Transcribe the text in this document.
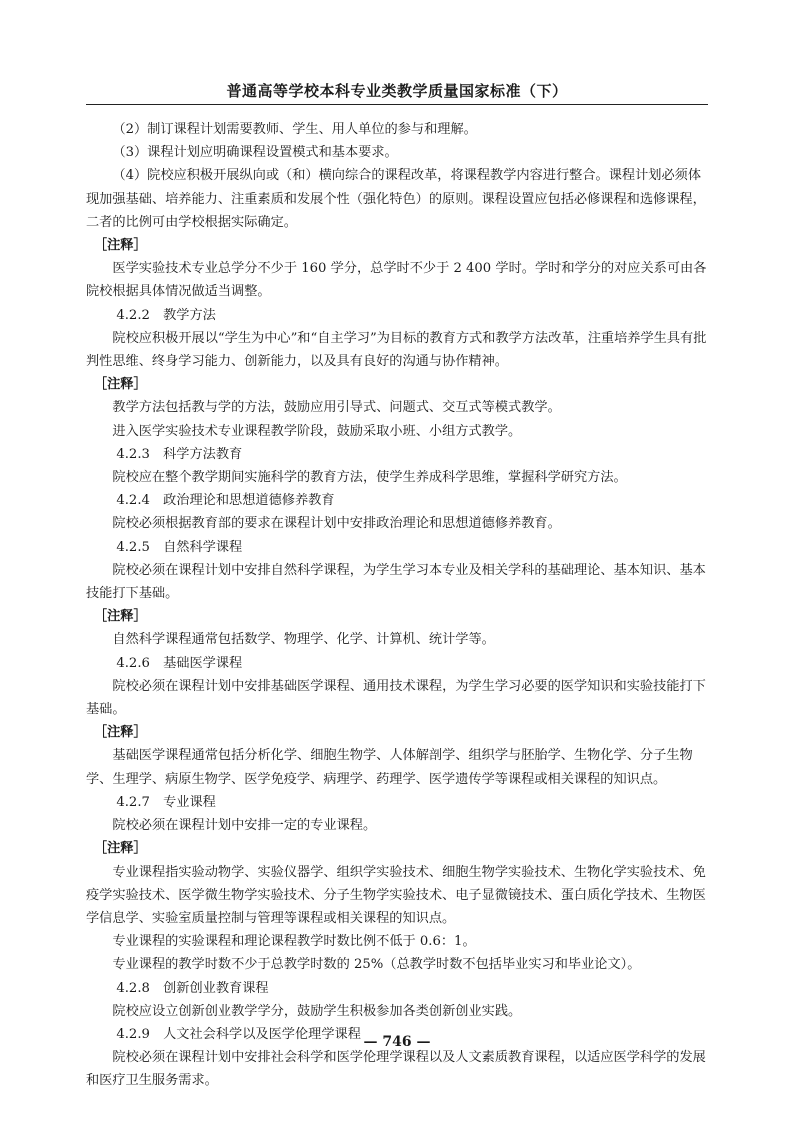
普通高等学校本科专业类教学质量国家标准（下）

（2）制订课程计划需要教师、学生、用人单位的参与和理解。

（3）课程计划应明确课程设置模式和基本要求。

（4）院校应积极开展纵向或（和）横向综合的课程改革，将课程教学内容进行整合。课程计划必须体现加强基础、培养能力、注重素质和发展个性（强化特色）的原则。课程设置应包括必修课程和选修课程，二者的比例可由学校根据实际确定。

［注释］

医学实验技术专业总学分不少于 160 学分，总学时不少于 2 400 学时。学时和学分的对应关系可由各院校根据具体情况做适当调整。

4.2.2　教学方法

院校应积极开展以“学生为中心”和“自主学习”为目标的教育方式和教学方法改革，注重培养学生具有批判性思维、终身学习能力、创新能力，以及具有良好的沟通与协作精神。

［注释］

教学方法包括教与学的方法，鼓励应用引导式、问题式、交互式等模式教学。

进入医学实验技术专业课程教学阶段，鼓励采取小班、小组方式教学。

4.2.3　科学方法教育

院校应在整个教学期间实施科学的教育方法，使学生养成科学思维，掌握科学研究方法。

4.2.4　政治理论和思想道德修养教育

院校必须根据教育部的要求在课程计划中安排政治理论和思想道德修养教育。

4.2.5　自然科学课程

院校必须在课程计划中安排自然科学课程，为学生学习本专业及相关学科的基础理论、基本知识、基本技能打下基础。

［注释］

自然科学课程通常包括数学、物理学、化学、计算机、统计学等。

4.2.6　基础医学课程

院校必须在课程计划中安排基础医学课程、通用技术课程，为学生学习必要的医学知识和实验技能打下基础。

［注释］

基础医学课程通常包括分析化学、细胞生物学、人体解剖学、组织学与胚胎学、生物化学、分子生物学、生理学、病原生物学、医学免疫学、病理学、药理学、医学遗传学等课程或相关课程的知识点。

4.2.7　专业课程

院校必须在课程计划中安排一定的专业课程。

［注释］

专业课程指实验动物学、实验仪器学、组织学实验技术、细胞生物学实验技术、生物化学实验技术、免疫学实验技术、医学微生物学实验技术、分子生物学实验技术、电子显微镜技术、蛋白质化学技术、生物医学信息学、实验室质量控制与管理等课程或相关课程的知识点。

专业课程的实验课程和理论课程教学时数比例不低于 0.6：1。

专业课程的教学时数不少于总教学时数的 25%（总教学时数不包括毕业实习和毕业论文）。

4.2.8　创新创业教育课程

院校应设立创新创业教学学分，鼓励学生积极参加各类创新创业实践。

4.2.9　人文社会科学以及医学伦理学课程

院校必须在课程计划中安排社会科学和医学伦理学课程以及人文素质教育课程，以适应医学科学的发展和医疗卫生服务需求。

— 746 —
